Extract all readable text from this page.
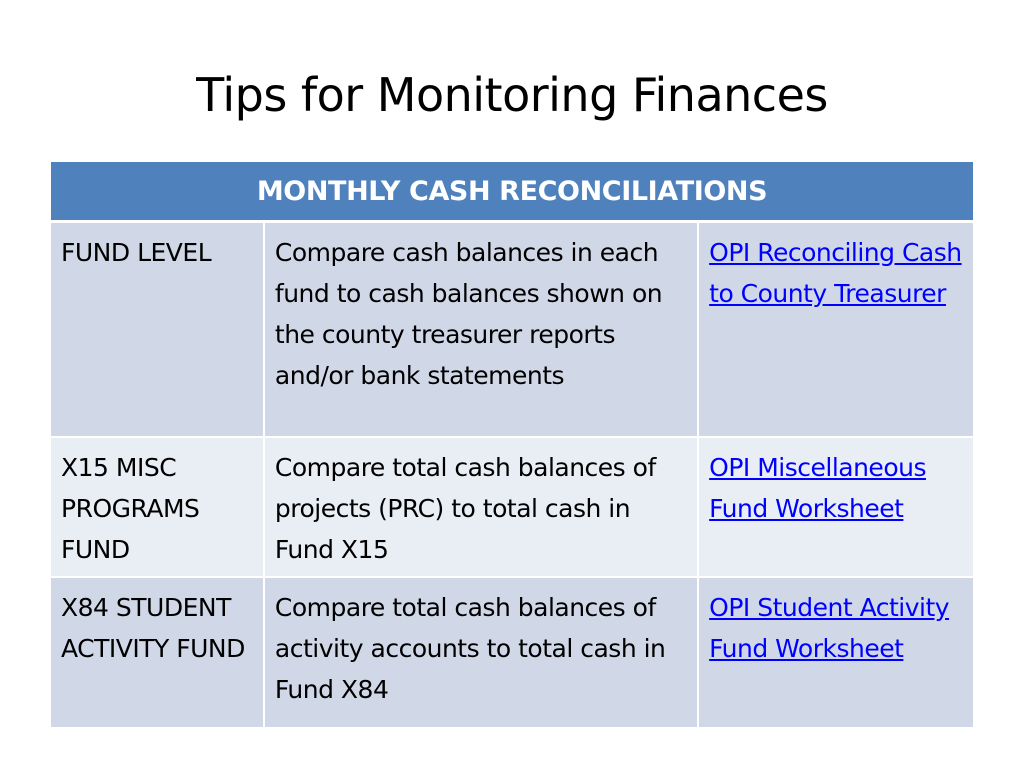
Tips for Monitoring Finances
MONTHLY CASH RECONCILIATIONS		
FUND LEVEL	Compare cash balances in each fund to cash balances shown on the county treasurer reports and/or bank statements	OPI Reconciling Cash to County Treasurer
X15 MISC PROGRAMS FUND	Compare total cash balances of projects (PRC) to total cash in Fund X15	OPI Miscellaneous Fund Worksheet
X84 STUDENT ACTIVITY FUND	Compare total cash balances of activity accounts to total cash in Fund X84	OPI Student Activity Fund Worksheet
